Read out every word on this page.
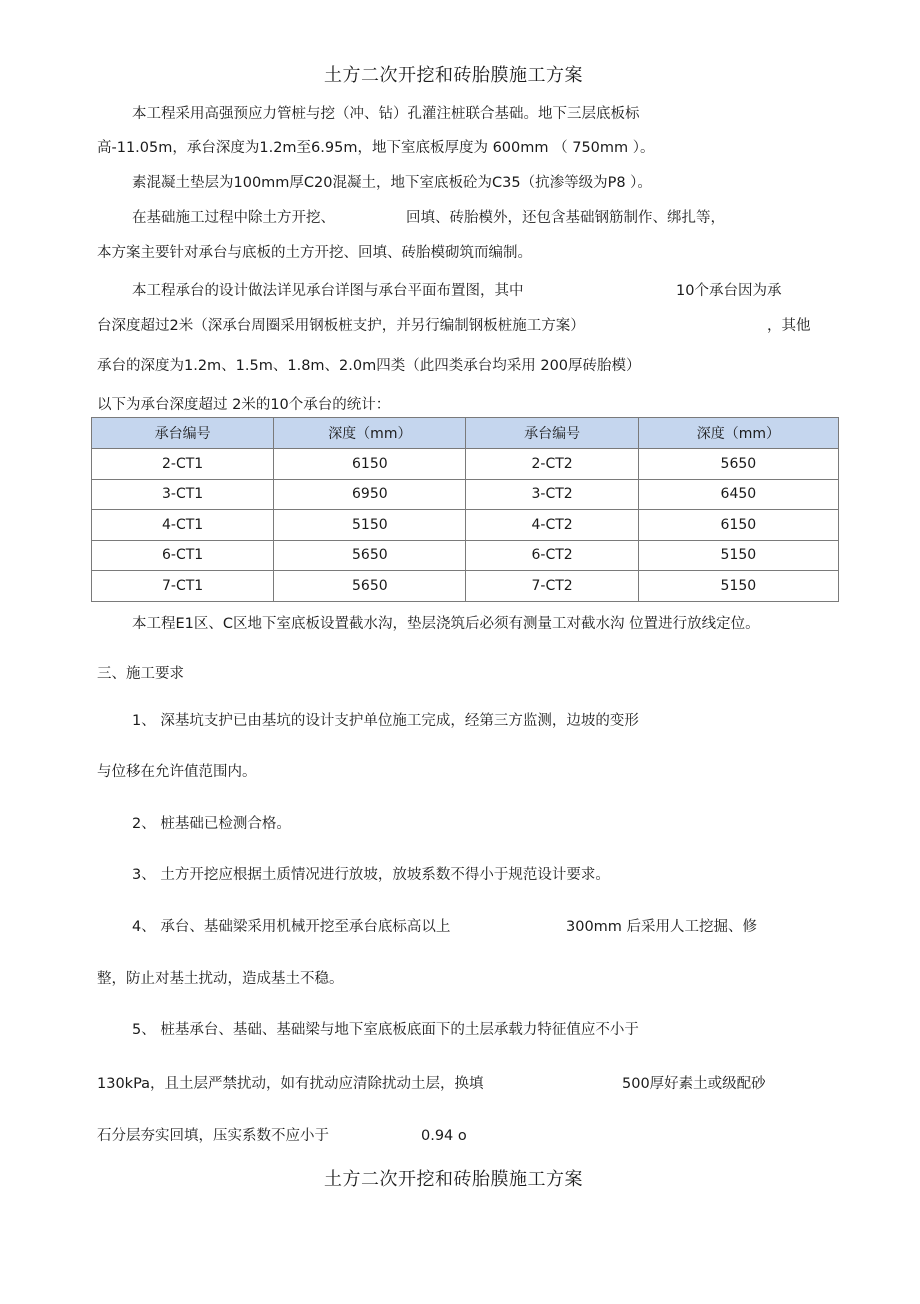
土方二次开挖和砖胎膜施工方案
本工程采用高强预应力管桩与挖（冲、钻）孔灌注桩联合基础。地下三层底板标
高-11.05m，承台深度为1.2m至6.95m，地下室底板厚度为 600mm （ 750mm ）。
素混凝土垫层为100mm厚C20混凝土，地下室底板砼为C35（抗渗等级为P8 ）。
在基础施工过程中除土方开挖、	回填、砖胎模外，还包含基础钢筋制作、绑扎等，
本方案主要针对承台与底板的土方开挖、回填、砖胎模砌筑而编制。
本工程承台的设计做法详见承台详图与承台平面布置图，其中	10个承台因为承
台深度超过2米（深承台周圈采用钢板桩支护，并另行编制钢板桩施工方案）	，其他
承台的深度为1.2m、1.5m、1.8m、2.0m四类（此四类承台均采用 200厚砖胎模）
以下为承台深度超过 2米的10个承台的统计：
承台编号	深度（mm）	承台编号	深度（mm）
2-CT1	6150	2-CT2	5650
3-CT1	6950	3-CT2	6450
4-CT1	5150	4-CT2	6150
6-CT1	5650	6-CT2	5150
7-CT1	5650	7-CT2	5150
本工程E1区、C区地下室底板设置截水沟，垫层浇筑后必须有测量工对截水沟 位置进行放线定位。
三、施工要求
1、 深基坑支护已由基坑的设计支护单位施工完成，经第三方监测，边坡的变形
与位移在允许值范围内。
2、 桩基础已检测合格。
3、 土方开挖应根据土质情况进行放坡，放坡系数不得小于规范设计要求。
4、 承台、基础梁采用机械开挖至承台底标高以上	300mm 后采用人工挖掘、修
整，防止对基土扰动，造成基土不稳。
5、 桩基承台、基础、基础梁与地下室底板底面下的土层承载力特征值应不小于
130kPa，且土层严禁扰动，如有扰动应清除扰动土层，换填	500厚好素土或级配砂
石分层夯实回填，压实系数不应小于	0.94 o
土方二次开挖和砖胎膜施工方案
